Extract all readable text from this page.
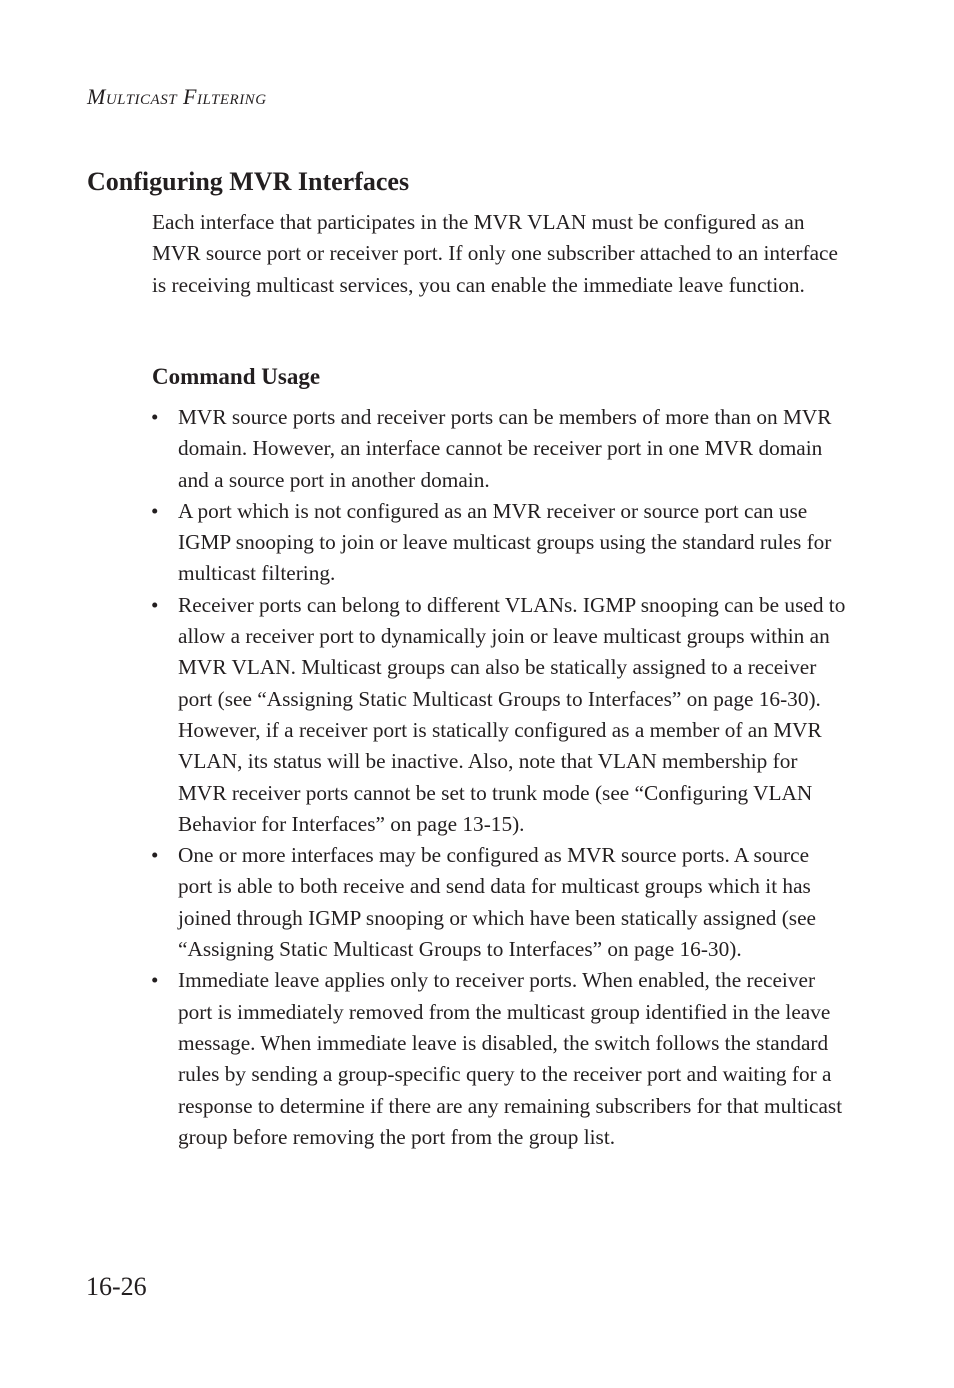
Multicast Filtering
Configuring MVR Interfaces

Each interface that participates in the MVR VLAN must be configured as an MVR source port or receiver port. If only one subscriber attached to an interface is receiving multicast services, you can enable the immediate leave function.

Command Usage
• MVR source ports and receiver ports can be members of more than on MVR domain. However, an interface cannot be receiver port in one MVR domain and a source port in another domain.
• A port which is not configured as an MVR receiver or source port can use IGMP snooping to join or leave multicast groups using the standard rules for multicast filtering.
• Receiver ports can belong to different VLANs. IGMP snooping can be used to allow a receiver port to dynamically join or leave multicast groups within an MVR VLAN. Multicast groups can also be statically assigned to a receiver port (see “Assigning Static Multicast Groups to Interfaces” on page 16-30). However, if a receiver port is statically configured as a member of an MVR VLAN, its status will be inactive. Also, note that VLAN membership for MVR receiver ports cannot be set to trunk mode (see “Configuring VLAN Behavior for Interfaces” on page 13-15).
• One or more interfaces may be configured as MVR source ports. A source port is able to both receive and send data for multicast groups which it has joined through IGMP snooping or which have been statically assigned (see “Assigning Static Multicast Groups to Interfaces” on page 16-30).
• Immediate leave applies only to receiver ports. When enabled, the receiver port is immediately removed from the multicast group identified in the leave message. When immediate leave is disabled, the switch follows the standard rules by sending a group-specific query to the receiver port and waiting for a response to determine if there are any remaining subscribers for that multicast group before removing the port from the group list.
16-26
